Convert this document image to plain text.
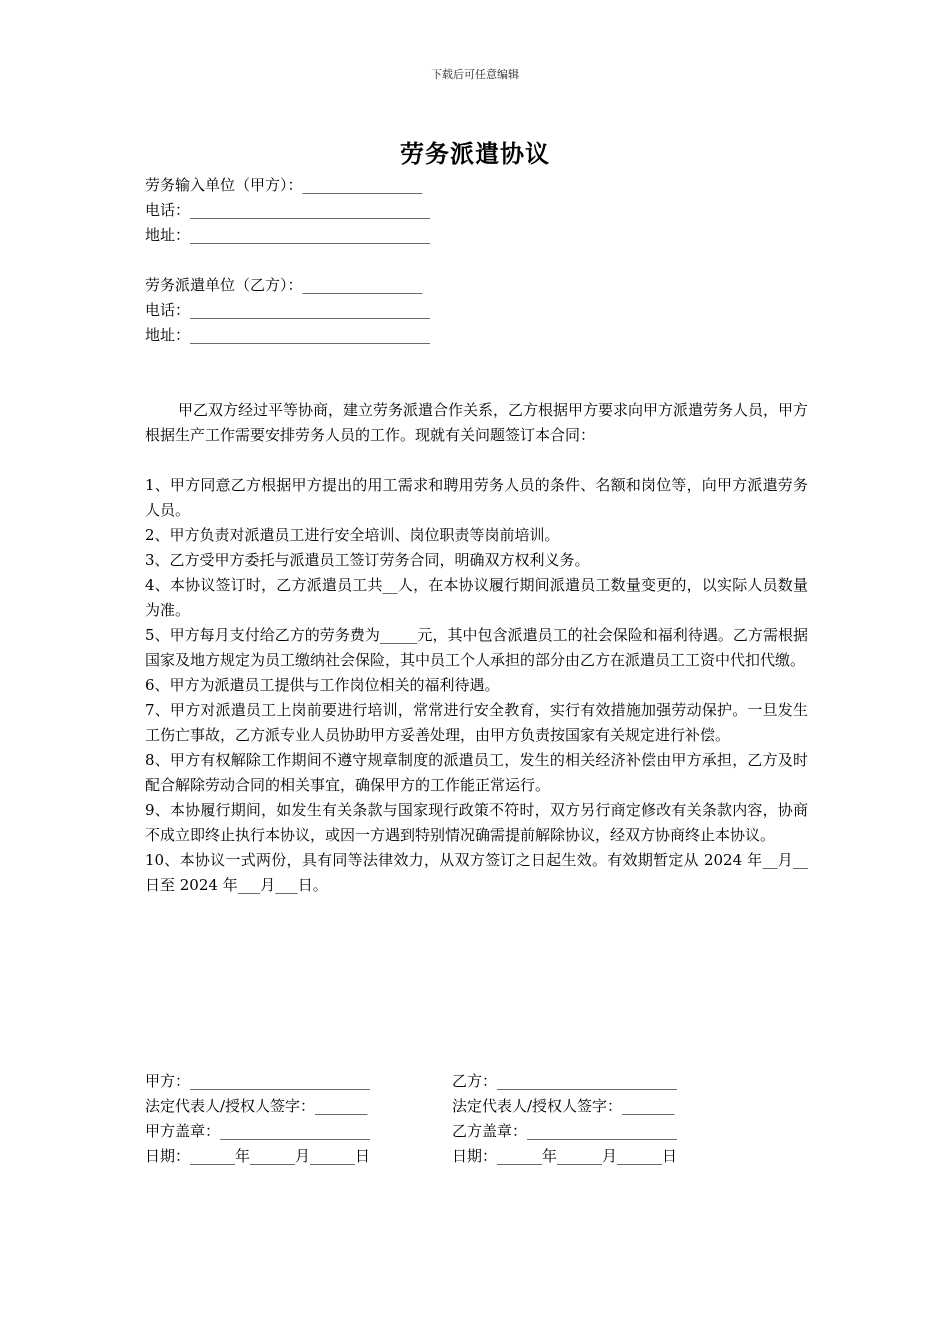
下载后可任意编辑
劳务派遣协议
劳务输入单位（甲方）：________________
电话：________________________________
地址：________________________________
劳务派遣单位（乙方）：________________
电话：________________________________
地址：________________________________

甲乙双方经过平等协商，建立劳务派遣合作关系，乙方根据甲方要求向甲方派遣劳务人员，甲方根据生产工作需要安排劳务人员的工作。现就有关问题签订本合同：

1、甲方同意乙方根据甲方提出的用工需求和聘用劳务人员的条件、名额和岗位等，向甲方派遣劳务人员。

2、甲方负责对派遣员工进行安全培训、岗位职责等岗前培训。

3、乙方受甲方委托与派遣员工签订劳务合同，明确双方权利义务。

4、本协议签订时，乙方派遣员工共__人，在本协议履行期间派遣员工数量变更的，以实际人员数量为准。

5、甲方每月支付给乙方的劳务费为_____元，其中包含派遣员工的社会保险和福利待遇。乙方需根据国家及地方规定为员工缴纳社会保险，其中员工个人承担的部分由乙方在派遣员工工资中代扣代缴。

6、甲方为派遣员工提供与工作岗位相关的福利待遇。

7、甲方对派遣员工上岗前要进行培训，常常进行安全教育，实行有效措施加强劳动保护。一旦发生工伤亡事故，乙方派专业人员协助甲方妥善处理，由甲方负责按国家有关规定进行补偿。

8、甲方有权解除工作期间不遵守规章制度的派遣员工，发生的相关经济补偿由甲方承担，乙方及时配合解除劳动合同的相关事宜，确保甲方的工作能正常运行。

9、本协履行期间，如发生有关条款与国家现行政策不符时，双方另行商定修改有关条款内容，协商不成立即终止执行本协议，或因一方遇到特别情况确需提前解除协议，经双方协商终止本协议。

10、本协议一式两份，具有同等法律效力，从双方签订之日起生效。有效期暂定从 2024 年__月__日至 2024 年___月___日。

甲方：________________________
法定代表人/授权人签字：_______
甲方盖章：____________________
日期：______年______月______日
乙方：________________________
法定代表人/授权人签字：_______
乙方盖章：____________________
日期：______年______月______日
